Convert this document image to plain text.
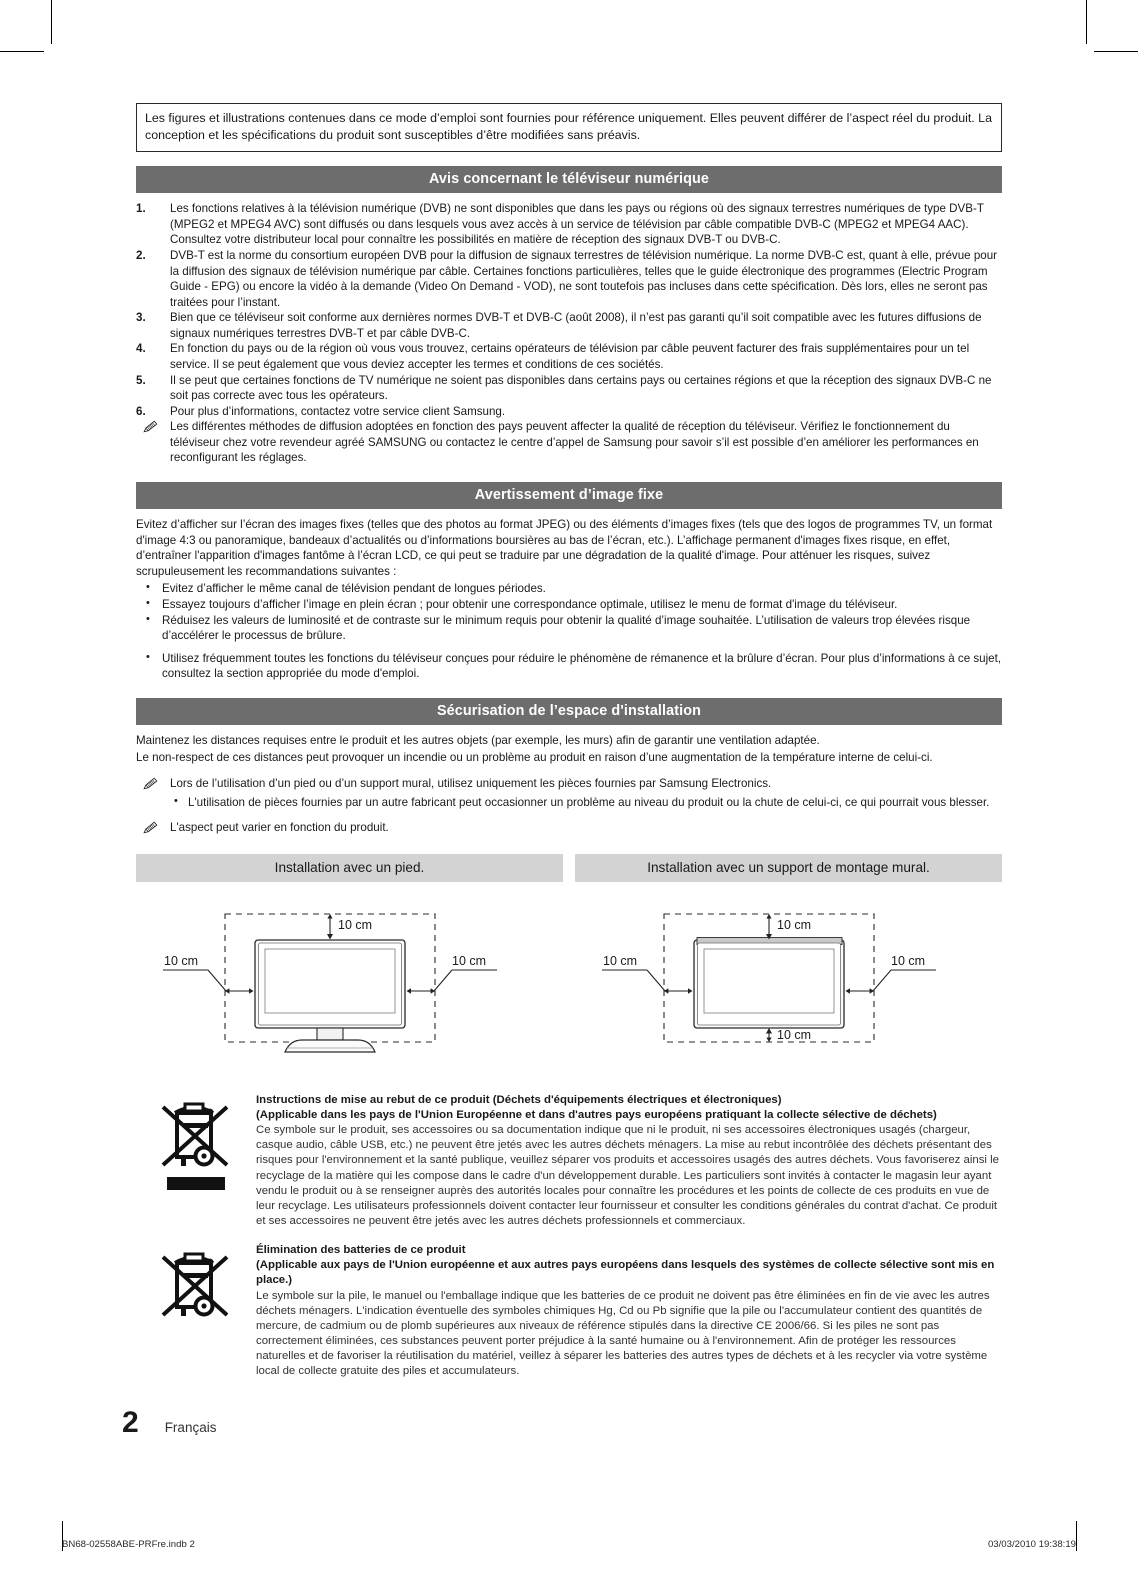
Les figures et illustrations contenues dans ce mode d’emploi sont fournies pour référence uniquement. Elles peuvent différer de l’aspect réel du produit. La conception et les spécifications du produit sont susceptibles d’être modifiées sans préavis.
Avis concernant le téléviseur numérique
1.	Les fonctions relatives à la télévision numérique (DVB) ne sont disponibles que dans les pays ou régions où des signaux terrestres numériques de type DVB-T (MPEG2 et MPEG4 AVC) sont diffusés ou dans lesquels vous avez accès à un service de télévision par câble compatible DVB-C (MPEG2 et MPEG4 AAC). Consultez votre distributeur local pour connaître les possibilités en matière de réception des signaux DVB-T ou DVB-C.
2.	DVB-T est la norme du consortium européen DVB pour la diffusion de signaux terrestres de télévision numérique. La norme DVB-C est, quant à elle, prévue pour la diffusion des signaux de télévision numérique par câble. Certaines fonctions particulières, telles que le guide électronique des programmes (Electric Program Guide - EPG) ou encore la vidéo à la demande (Video On Demand - VOD), ne sont toutefois pas incluses dans cette spécification. Dès lors, elles ne seront pas traitées pour l’instant.
3.	Bien que ce téléviseur soit conforme aux dernières normes DVB-T et DVB-C (août 2008), il n’est pas garanti qu’il soit compatible avec les futures diffusions de signaux numériques terrestres DVB-T et par câble DVB-C.
4.	En fonction du pays ou de la région où vous vous trouvez, certains opérateurs de télévision par câble peuvent facturer des frais supplémentaires pour un tel service. Il se peut également que vous deviez accepter les termes et conditions de ces sociétés.
5.	Il se peut que certaines fonctions de TV numérique ne soient pas disponibles dans certains pays ou certaines régions et que la réception des signaux DVB-C ne soit pas correcte avec tous les opérateurs.
6.	Pour plus d’informations, contactez votre service client Samsung.
Les différentes méthodes de diffusion adoptées en fonction des pays peuvent affecter la qualité de réception du téléviseur. Vérifiez le fonctionnement du téléviseur chez votre revendeur agréé SAMSUNG ou contactez le centre d’appel de Samsung pour savoir s’il est possible d’en améliorer les performances en reconfigurant les réglages.
Avertissement d’image fixe

Evitez d’afficher sur l’écran des images fixes (telles que des photos au format JPEG) ou des éléments d’images fixes (tels que des logos de programmes TV, un format d'image 4:3 ou panoramique, bandeaux d’actualités ou d’informations boursières au bas de l’écran, etc.). L’affichage permanent d'images fixes risque, en effet, d’entraîner l'apparition d'images fantôme à l’écran LCD, ce qui peut se traduire par une dégradation de la qualité d'image. Pour atténuer les risques, suivez scrupuleusement les recommandations suivantes :

• Evitez d’afficher le même canal de télévision pendant de longues périodes.
• Essayez toujours d’afficher l’image en plein écran ; pour obtenir une correspondance optimale, utilisez le menu de format d'image du téléviseur.
• Réduisez les valeurs de luminosité et de contraste sur le minimum requis pour obtenir la qualité d’image souhaitée. L’utilisation de valeurs trop élevées risque d’accélérer le processus de brûlure.
• Utilisez fréquemment toutes les fonctions du téléviseur conçues pour réduire le phénomène de rémanence et la brûlure d’écran. Pour plus d’informations à ce sujet, consultez la section appropriée du mode d'emploi.
Sécurisation de l’espace d'installation

Maintenez les distances requises entre le produit et les autres objets (par exemple, les murs) afin de garantir une ventilation adaptée.

Le non-respect de ces distances peut provoquer un incendie ou un problème au produit en raison d’une augmentation de la température interne de celui-ci.

Lors de l’utilisation d’un pied ou d’un support mural, utilisez uniquement les pièces fournies par Samsung Electronics.
• L'utilisation de pièces fournies par un autre fabricant peut occasionner un problème au niveau du produit ou la chute de celui-ci, ce qui pourrait vous blesser.
L'aspect peut varier en fonction du produit.
Installation avec un pied.	Installation avec un support de montage mural.
10 cm
10 cm	10 cm
10 cm
10 cm
10 cm	10 cm
Instructions de mise au rebut de ce produit (Déchets d'équipements électriques et électroniques)
(Applicable dans les pays de l'Union Européenne et dans d'autres pays européens pratiquant la collecte sélective de déchets)
Ce symbole sur le produit, ses accessoires ou sa documentation indique que ni le produit, ni ses accessoires électroniques usagés (chargeur, casque audio, câble USB, etc.) ne peuvent être jetés avec les autres déchets ménagers. La mise au rebut incontrôlée des déchets présentant des risques pour l'environnement et la santé publique, veuillez séparer vos produits et accessoires usagés des autres déchets. Vous favoriserez ainsi le recyclage de la matière qui les compose dans le cadre d'un développement durable. Les particuliers sont invités à contacter le magasin leur ayant vendu le produit ou à se renseigner auprès des autorités locales pour connaître les procédures et les points de collecte de ces produits en vue de leur recyclage. Les utilisateurs professionnels doivent contacter leur fournisseur et consulter les conditions générales du contrat d'achat. Ce produit et ses accessoires ne peuvent être jetés avec les autres déchets professionnels et commerciaux.
Élimination des batteries de ce produit
(Applicable aux pays de l'Union européenne et aux autres pays européens dans lesquels des systèmes de collecte sélective sont mis en place.)
Le symbole sur la pile, le manuel ou l'emballage indique que les batteries de ce produit ne doivent pas être éliminées en fin de vie avec les autres déchets ménagers. L'indication éventuelle des symboles chimiques Hg, Cd ou Pb signifie que la pile ou l'accumulateur contient des quantités de mercure, de cadmium ou de plomb supérieures aux niveaux de référence stipulés dans la directive CE 2006/66. Si les piles ne sont pas correctement éliminées, ces substances peuvent porter préjudice à la santé humaine ou à l'environnement. Afin de protéger les ressources naturelles et de favoriser la réutilisation du matériel, veillez à séparer les batteries des autres types de déchets et à les recycler via votre système local de collecte gratuite des piles et accumulateurs.
2 Français
BN68-02558ABE-PRFre.indb 2	03/03/2010 19:38:19
